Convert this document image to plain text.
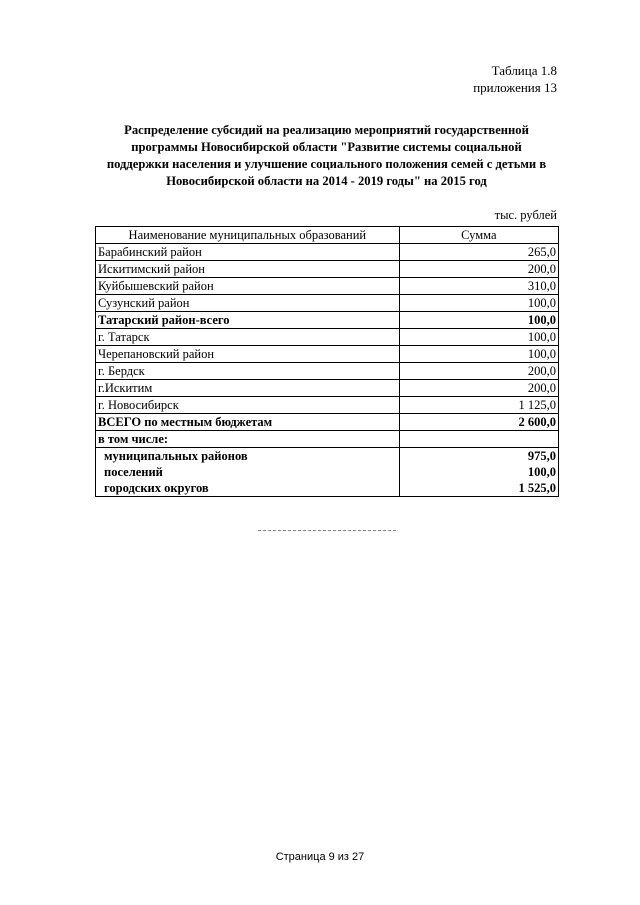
Таблица 1.8
приложения 13
Распределение субсидий на реализацию мероприятий государственной
программы Новосибирской области "Развитие системы социальной
поддержки населения и улучшение социального положения семей с детьми в
Новосибирской области на 2014 - 2019 годы" на 2015 год
тыс. рублей
Наименование муниципальных образований	Сумма
Барабинский район	265,0
Искитимский район	200,0
Куйбышевский район	310,0
Сузунский район	100,0
Татарский район-всего	100,0
г. Татарск	100,0
Черепановский район	100,0
г. Бердск	200,0
г.Искитим	200,0
г. Новосибирск	1 125,0
ВСЕГО по местным бюджетам	2 600,0
в том числе:	
муниципальных районов	975,0
поселений	100,0
городских округов	1 525,0
Страница 9 из 27
